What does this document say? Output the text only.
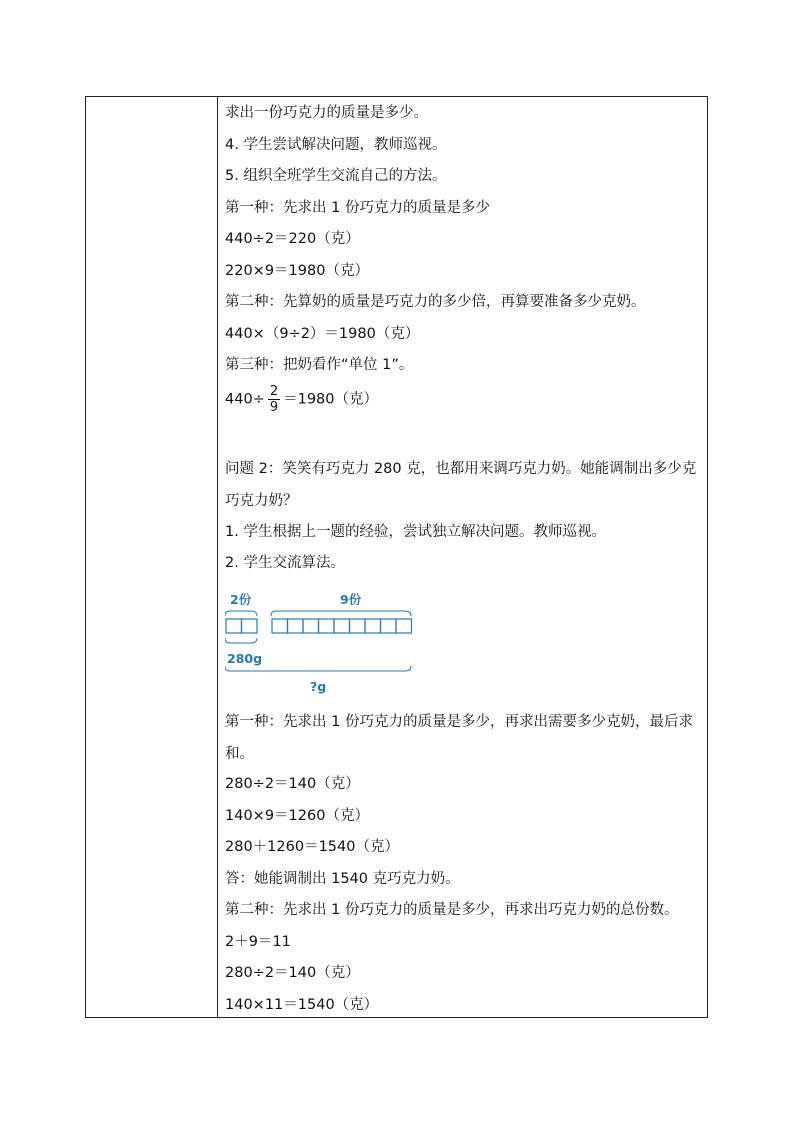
求出一份巧克力的质量是多少。
4. 学生尝试解决问题，教师巡视。
5. 组织全班学生交流自己的方法。
第一种：先求出 1 份巧克力的质量是多少
440÷2＝220（克）
220×9＝1980（克）
第二种：先算奶的质量是巧克力的多少倍，再算要准备多少克奶。
440×（9÷2）＝1980（克）
第三种：把奶看作“单位 1”。
$440\div \frac{2}{9} =1980$（克）
问题 2：笑笑有巧克力 280 克，也都用来调巧克力奶。她能调制出多少克巧克力奶？
1. 学生根据上一题的经验，尝试独立解决问题。教师巡视。
2. 学生交流算法。
2份	9份
280g
?g
第一种：先求出 1 份巧克力的质量是多少，再求出需要多少克奶，最后求和。
280÷2＝140（克）
140×9＝1260（克）
280＋1260＝1540（克）
答：她能调制出 1540 克巧克力奶。
第二种：先求出 1 份巧克力的质量是多少，再求出巧克力奶的总份数。
2＋9＝11
280÷2＝140（克）
140×11＝1540（克）
